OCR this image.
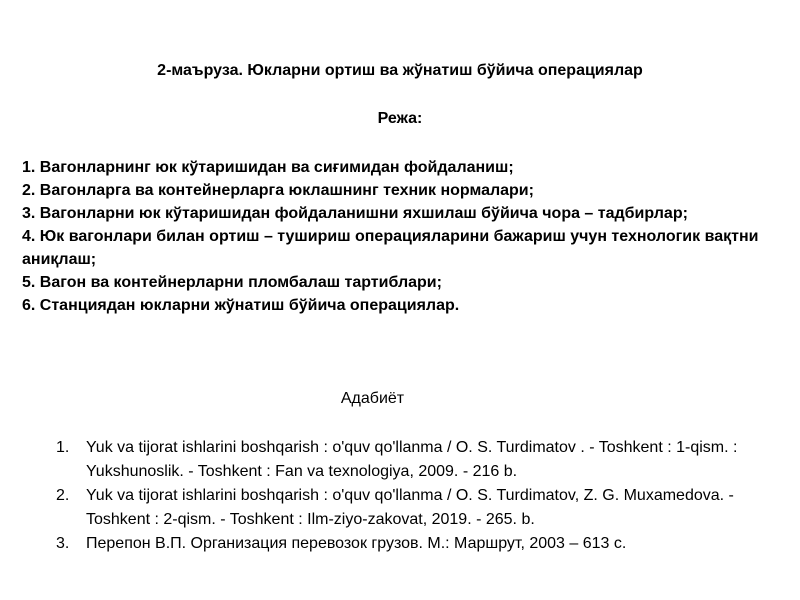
2-маъруза. Юкларни ортиш ва жўнатиш бўйича операциялар
Режа:
1. Вагонларнинг юк кўтаришидан ва сиғимидан фойдаланиш;
2. Вагонларга ва контейнерларга юклашнинг техник нормалари;
3. Вагонларни юк кўтаришидан фойдаланишни яхшилаш бўйича чора – тадбирлар;
4. Юк вагонлари билан ортиш – тушириш операцияларини бажариш учун технологик вақтни аниқлаш;
5. Вагон ва контейнерларни пломбалаш тартиблари;
6. Станциядан юкларни жўнатиш бўйича операциялар.
Адабиёт
1.	Yuk va tijorat ishlarini boshqarish : o'quv qo'llanma / O. S. Turdimatov . - Toshkent : 1-qism. : Yukshunoslik. - Toshkent : Fan va texnologiya, 2009. - 216 b.
2.	Yuk va tijorat ishlarini boshqarish : o'quv qo'llanma / O. S. Turdimatov, Z. G. Muxamedova. - Toshkent : 2-qism. - Toshkent : Ilm-ziyo-zakovat, 2019. - 265. b.
3.	Перепон В.П. Организация перевозок грузов. М.: Маршрут, 2003 – 613 с.
